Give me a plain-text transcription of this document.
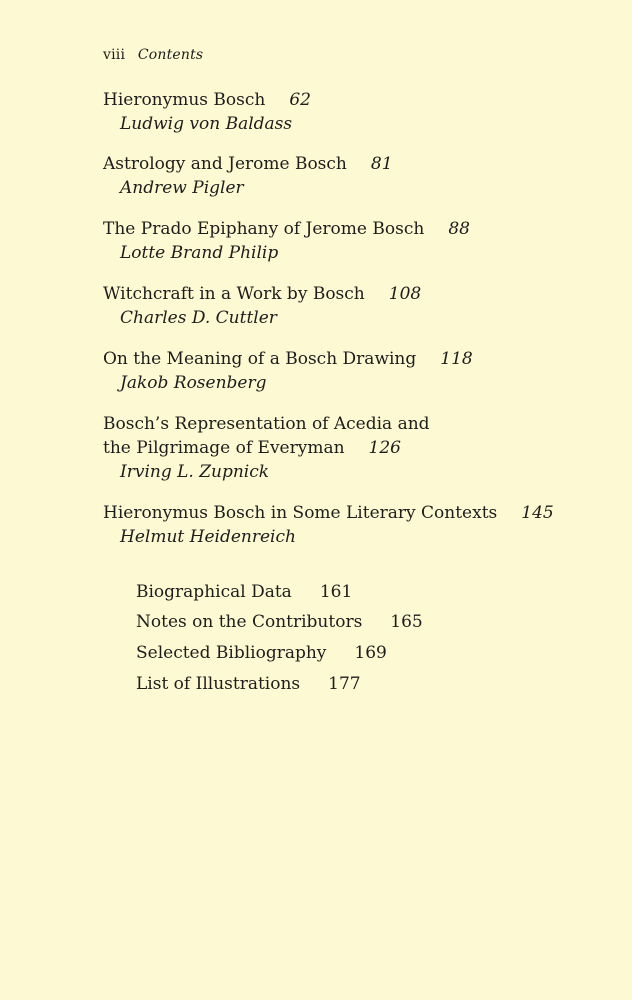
viii Contents
Hieronymus Bosch 62
Ludwig von Baldass
Astrology and Jerome Bosch 81
Andrew Pigler
The Prado Epiphany of Jerome Bosch 88
Lotte Brand Philip
Witchcraft in a Work by Bosch 108
Charles D. Cuttler
On the Meaning of a Bosch Drawing 118
Jakob Rosenberg
Bosch’s Representation of Acedia and
the Pilgrimage of Everyman 126
Irving L. Zupnick
Hieronymus Bosch in Some Literary Contexts 145
Helmut Heidenreich
Biographical Data 161
Notes on the Contributors 165
Selected Bibliography 169
List of Illustrations 177
